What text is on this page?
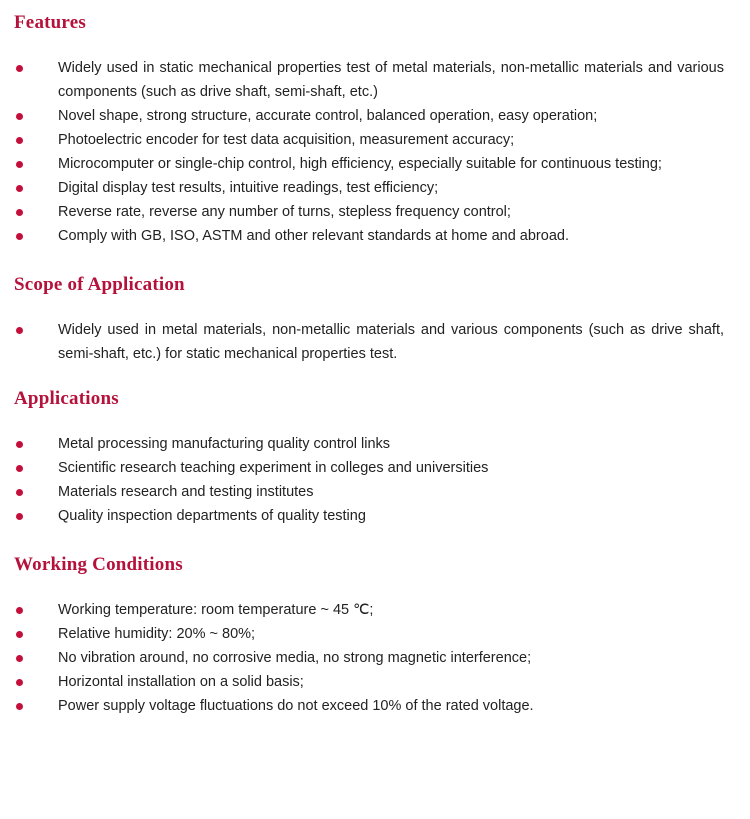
Features
Widely used in static mechanical properties test of metal materials, non-metallic materials and various components (such as drive shaft, semi-shaft, etc.)
Novel shape, strong structure, accurate control, balanced operation, easy operation;
Photoelectric encoder for test data acquisition, measurement accuracy;
Microcomputer or single-chip control, high efficiency, especially suitable for continuous testing;
Digital display test results, intuitive readings, test efficiency;
Reverse rate, reverse any number of turns, stepless frequency control;
Comply with GB, ISO, ASTM and other relevant standards at home and abroad.
Scope of Application
Widely used in metal materials, non-metallic materials and various components (such as drive shaft, semi-shaft, etc.) for static mechanical properties test.
Applications
Metal processing manufacturing quality control links
Scientific research teaching experiment in colleges and universities
Materials research and testing institutes
Quality inspection departments of quality testing
Working Conditions
Working temperature: room temperature ~ 45 ℃;
Relative humidity: 20% ~ 80%;
No vibration around, no corrosive media, no strong magnetic interference;
Horizontal installation on a solid basis;
Power supply voltage fluctuations do not exceed 10% of the rated voltage.
